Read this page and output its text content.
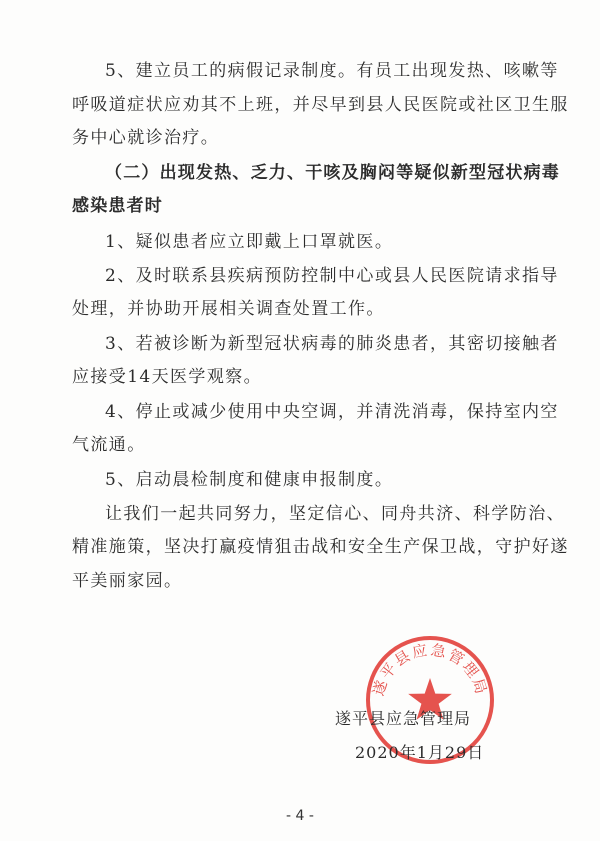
5、建立员工的病假记录制度。有员工出现发热、咳嗽等
呼吸道症状应劝其不上班，并尽早到县人民医院或社区卫生服
务中心就诊治疗。
（二）出现发热、乏力、干咳及胸闷等疑似新型冠状病毒
感染患者时
1、疑似患者应立即戴上口罩就医。
2、及时联系县疾病预防控制中心或县人民医院请求指导
处理，并协助开展相关调查处置工作。
3、若被诊断为新型冠状病毒的肺炎患者，其密切接触者
应接受14天医学观察。
4、停止或减少使用中央空调，并清洗消毒，保持室内空
气流通。
5、启动晨检制度和健康申报制度。
让我们一起共同努力，坚定信心、同舟共济、科学防治、
精准施策，坚决打赢疫情狙击战和安全生产保卫战，守护好遂
平美丽家园。
遂平县应急管理局
遂平县应急管理局
2020年1月29日
- 4 -
